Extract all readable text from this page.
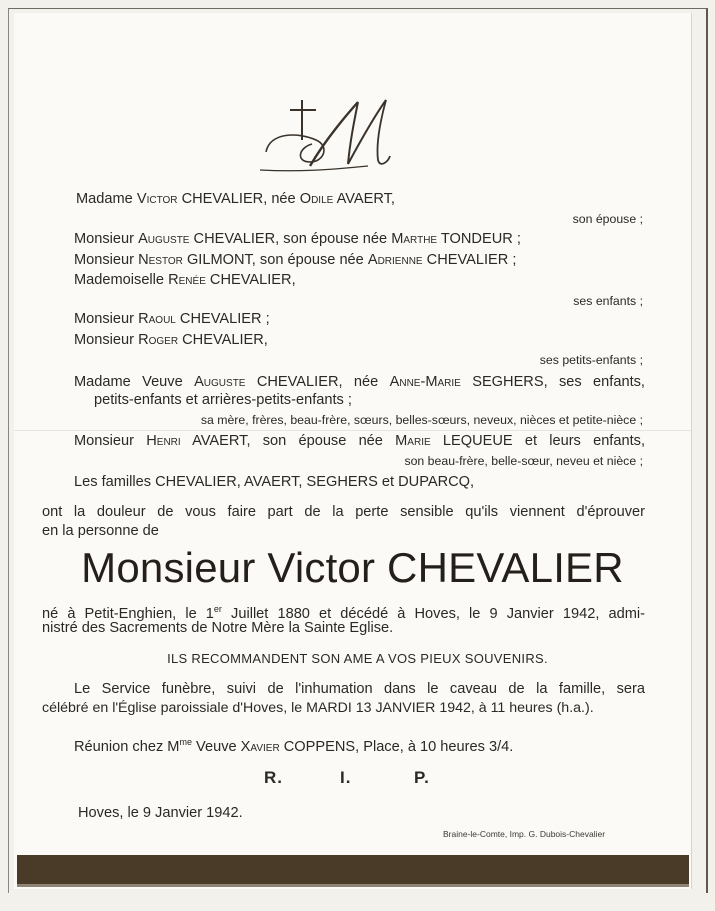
Madame Victor CHEVALIER, née Odile AVAERT,
son épouse ;
Monsieur Auguste CHEVALIER, son épouse née Marthe TONDEUR ;
Monsieur Nestor GILMONT, son épouse née Adrienne CHEVALIER ;
Mademoiselle Renée CHEVALIER,
ses enfants ;
Monsieur Raoul CHEVALIER ;
Monsieur Roger CHEVALIER,
ses petits-enfants ;
Madame Veuve Auguste CHEVALIER, née Anne-Marie SEGHERS, ses enfants,
petits-enfants et arrières-petits-enfants ;
sa mère, frères, beau-frère, sœurs, belles-sœurs, neveux, nièces et petite-nièce ;
Monsieur Henri AVAERT, son épouse née Marie LEQUEUE et leurs enfants,
son beau-frère, belle-sœur, neveu et nièce ;
Les familles CHEVALIER, AVAERT, SEGHERS et DUPARCQ,
ont la douleur de vous faire part de la perte sensible qu'ils viennent d'éprouver
en la personne de
Monsieur Victor CHEVALIER
né à Petit-Enghien, le 1er Juillet 1880 et décédé à Hoves, le 9 Janvier 1942, admi-
nistré des Sacrements de Notre Mère la Sainte Eglise.
ILS RECOMMANDENT SON AME A VOS PIEUX SOUVENIRS.
Le Service funèbre, suivi de l'inhumation dans le caveau de la famille, sera
célébré en l'Église paroissiale d'Hoves, le MARDI 13 JANVIER 1942, à 11 heures (h.a.).
Réunion chez $M^{me}$ Veuve Xavier COPPENS, Place, à 10 heures 3/4.
R.	I.	P.
Hoves, le 9 Janvier 1942.
Braine-le-Comte, Imp. G. Dubois-Chevalier
